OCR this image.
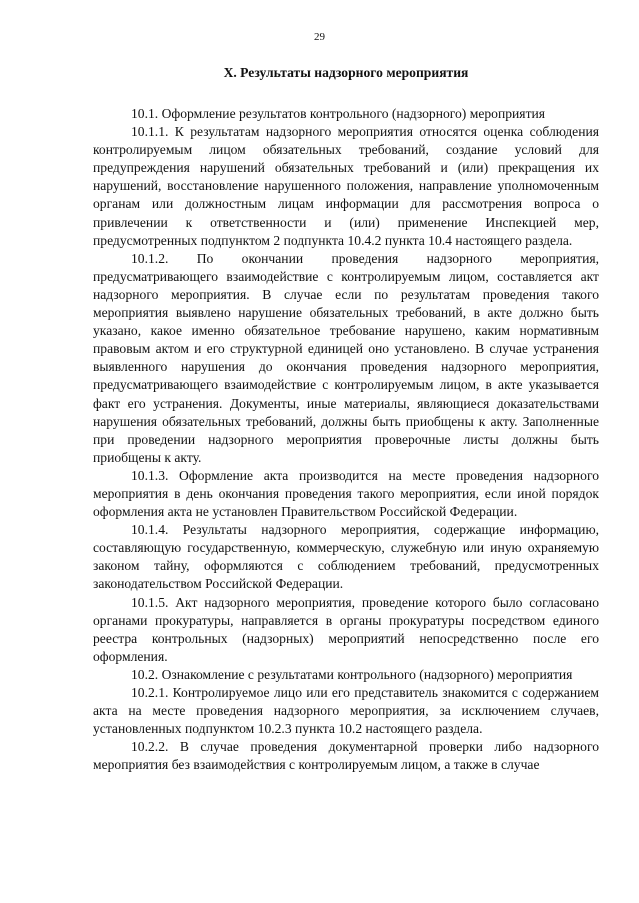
29
X. Результаты надзорного мероприятия

10.1. Оформление результатов контрольного (надзорного) мероприятия

10.1.1. К результатам надзорного мероприятия относятся оценка соблюдения контролируемым лицом обязательных требований, создание условий для предупреждения нарушений обязательных требований и (или) прекращения их нарушений, восстановление нарушенного положения, направление уполномоченным органам или должностным лицам информации для рассмотрения вопроса о привлечении к ответственности и (или) применение Инспекцией мер, предусмотренных подпунктом 2 подпункта 10.4.2 пункта 10.4 настоящего раздела.

10.1.2. По окончании проведения надзорного мероприятия, предусматривающего взаимодействие с контролируемым лицом, составляется акт надзорного мероприятия. В случае если по результатам проведения такого мероприятия выявлено нарушение обязательных требований, в акте должно быть указано, какое именно обязательное требование нарушено, каким нормативным правовым актом и его структурной единицей оно установлено. В случае устранения выявленного нарушения до окончания проведения надзорного мероприятия, предусматривающего взаимодействие с контролируемым лицом, в акте указывается факт его устранения. Документы, иные материалы, являющиеся доказательствами нарушения обязательных требований, должны быть приобщены к акту. Заполненные при проведении надзорного мероприятия проверочные листы должны быть приобщены к акту.

10.1.3. Оформление акта производится на месте проведения надзорного мероприятия в день окончания проведения такого мероприятия, если иной порядок оформления акта не установлен Правительством Российской Федерации.

10.1.4. Результаты надзорного мероприятия, содержащие информацию, составляющую государственную, коммерческую, служебную или иную охраняемую законом тайну, оформляются с соблюдением требований, предусмотренных законодательством Российской Федерации.

10.1.5. Акт надзорного мероприятия, проведение которого было согласовано органами прокуратуры, направляется в органы прокуратуры посредством единого реестра контрольных (надзорных) мероприятий непосредственно после его оформления.

10.2. Ознакомление с результатами контрольного (надзорного) мероприятия

10.2.1. Контролируемое лицо или его представитель знакомится с содержанием акта на месте проведения надзорного мероприятия, за исключением случаев, установленных подпунктом 10.2.3 пункта 10.2 настоящего раздела.

10.2.2. В случае проведения документарной проверки либо надзорного мероприятия без взаимодействия с контролируемым лицом, а также в случае
